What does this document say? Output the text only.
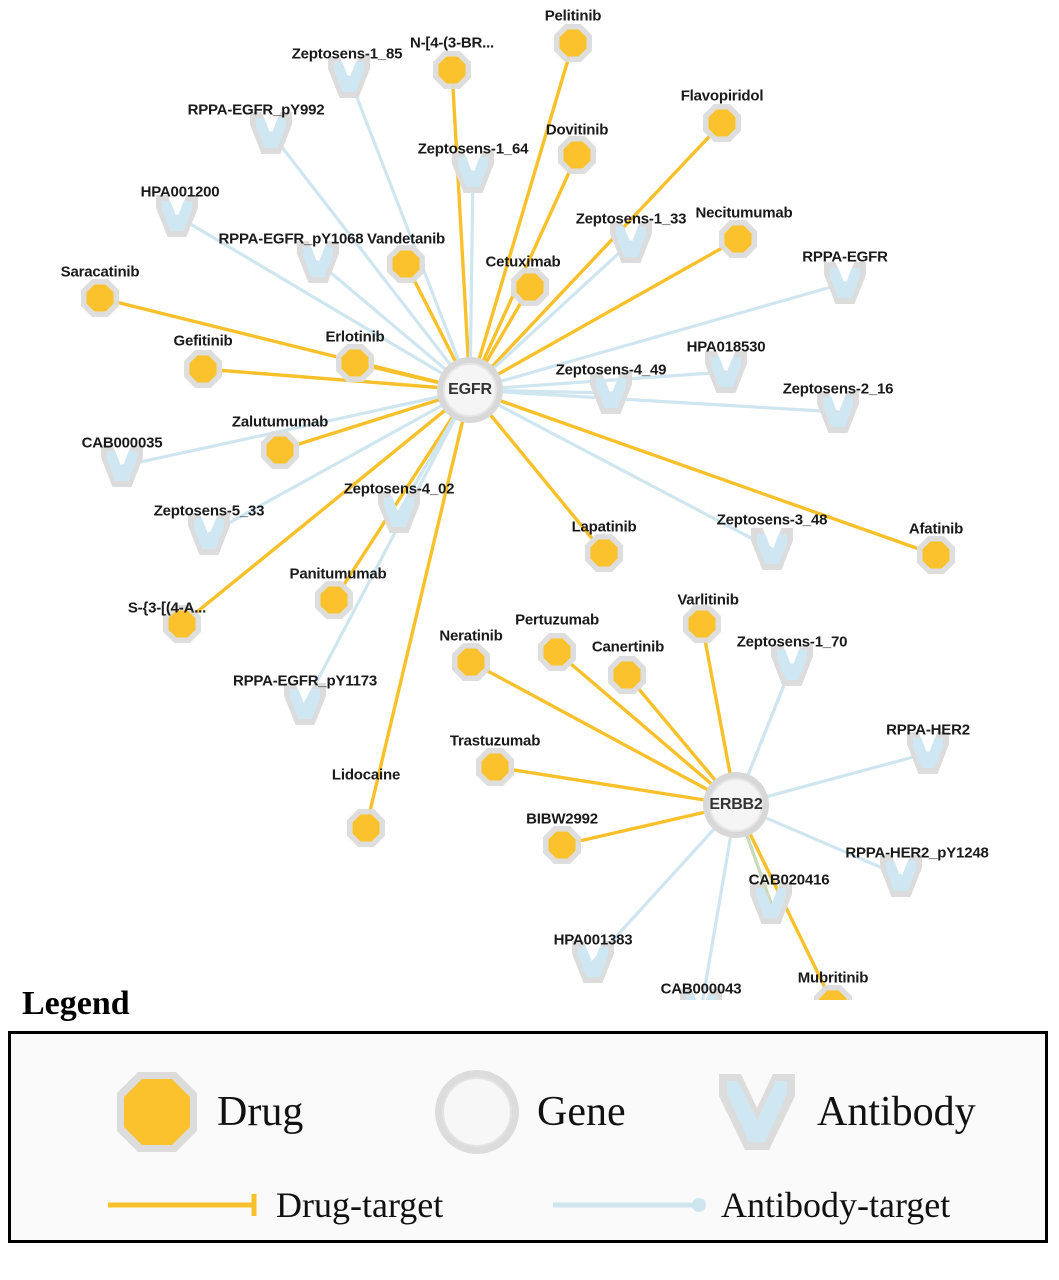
Pelitinib
N-[4-(3-BR...
Flavopiridol
Dovitinib
Necitumumab
Vandetanib
Cetuximab
Saracatinib
Erlotinib
Gefitinib
Zalutumumab
Afatinib
Lapatinib
Varlitinib
Panitumumab
S-{3-[(4-A...
Pertuzumab
Neratinib
Canertinib
Trastuzumab
Lidocaine
BIBW2992
Mubritinib
Zeptosens-1_85
RPPA-EGFR_pY992
Zeptosens-1_64
HPA001200
Zeptosens-1_33
RPPA-EGFR_pY1068
RPPA-EGFR
HPA018530
Zeptosens-4_49
Zeptosens-2_16
CAB000035
Zeptosens-5_33
Zeptosens-4_02
Zeptosens-3_48
Zeptosens-1_70
RPPA-EGFR_pY1173
RPPA-HER2
RPPA-HER2_pY1248
CAB020416
HPA001383
CAB000043
EGFR
ERBB2
Legend
Drug	Gene	Antibody
Drug-target	Antibody-target
